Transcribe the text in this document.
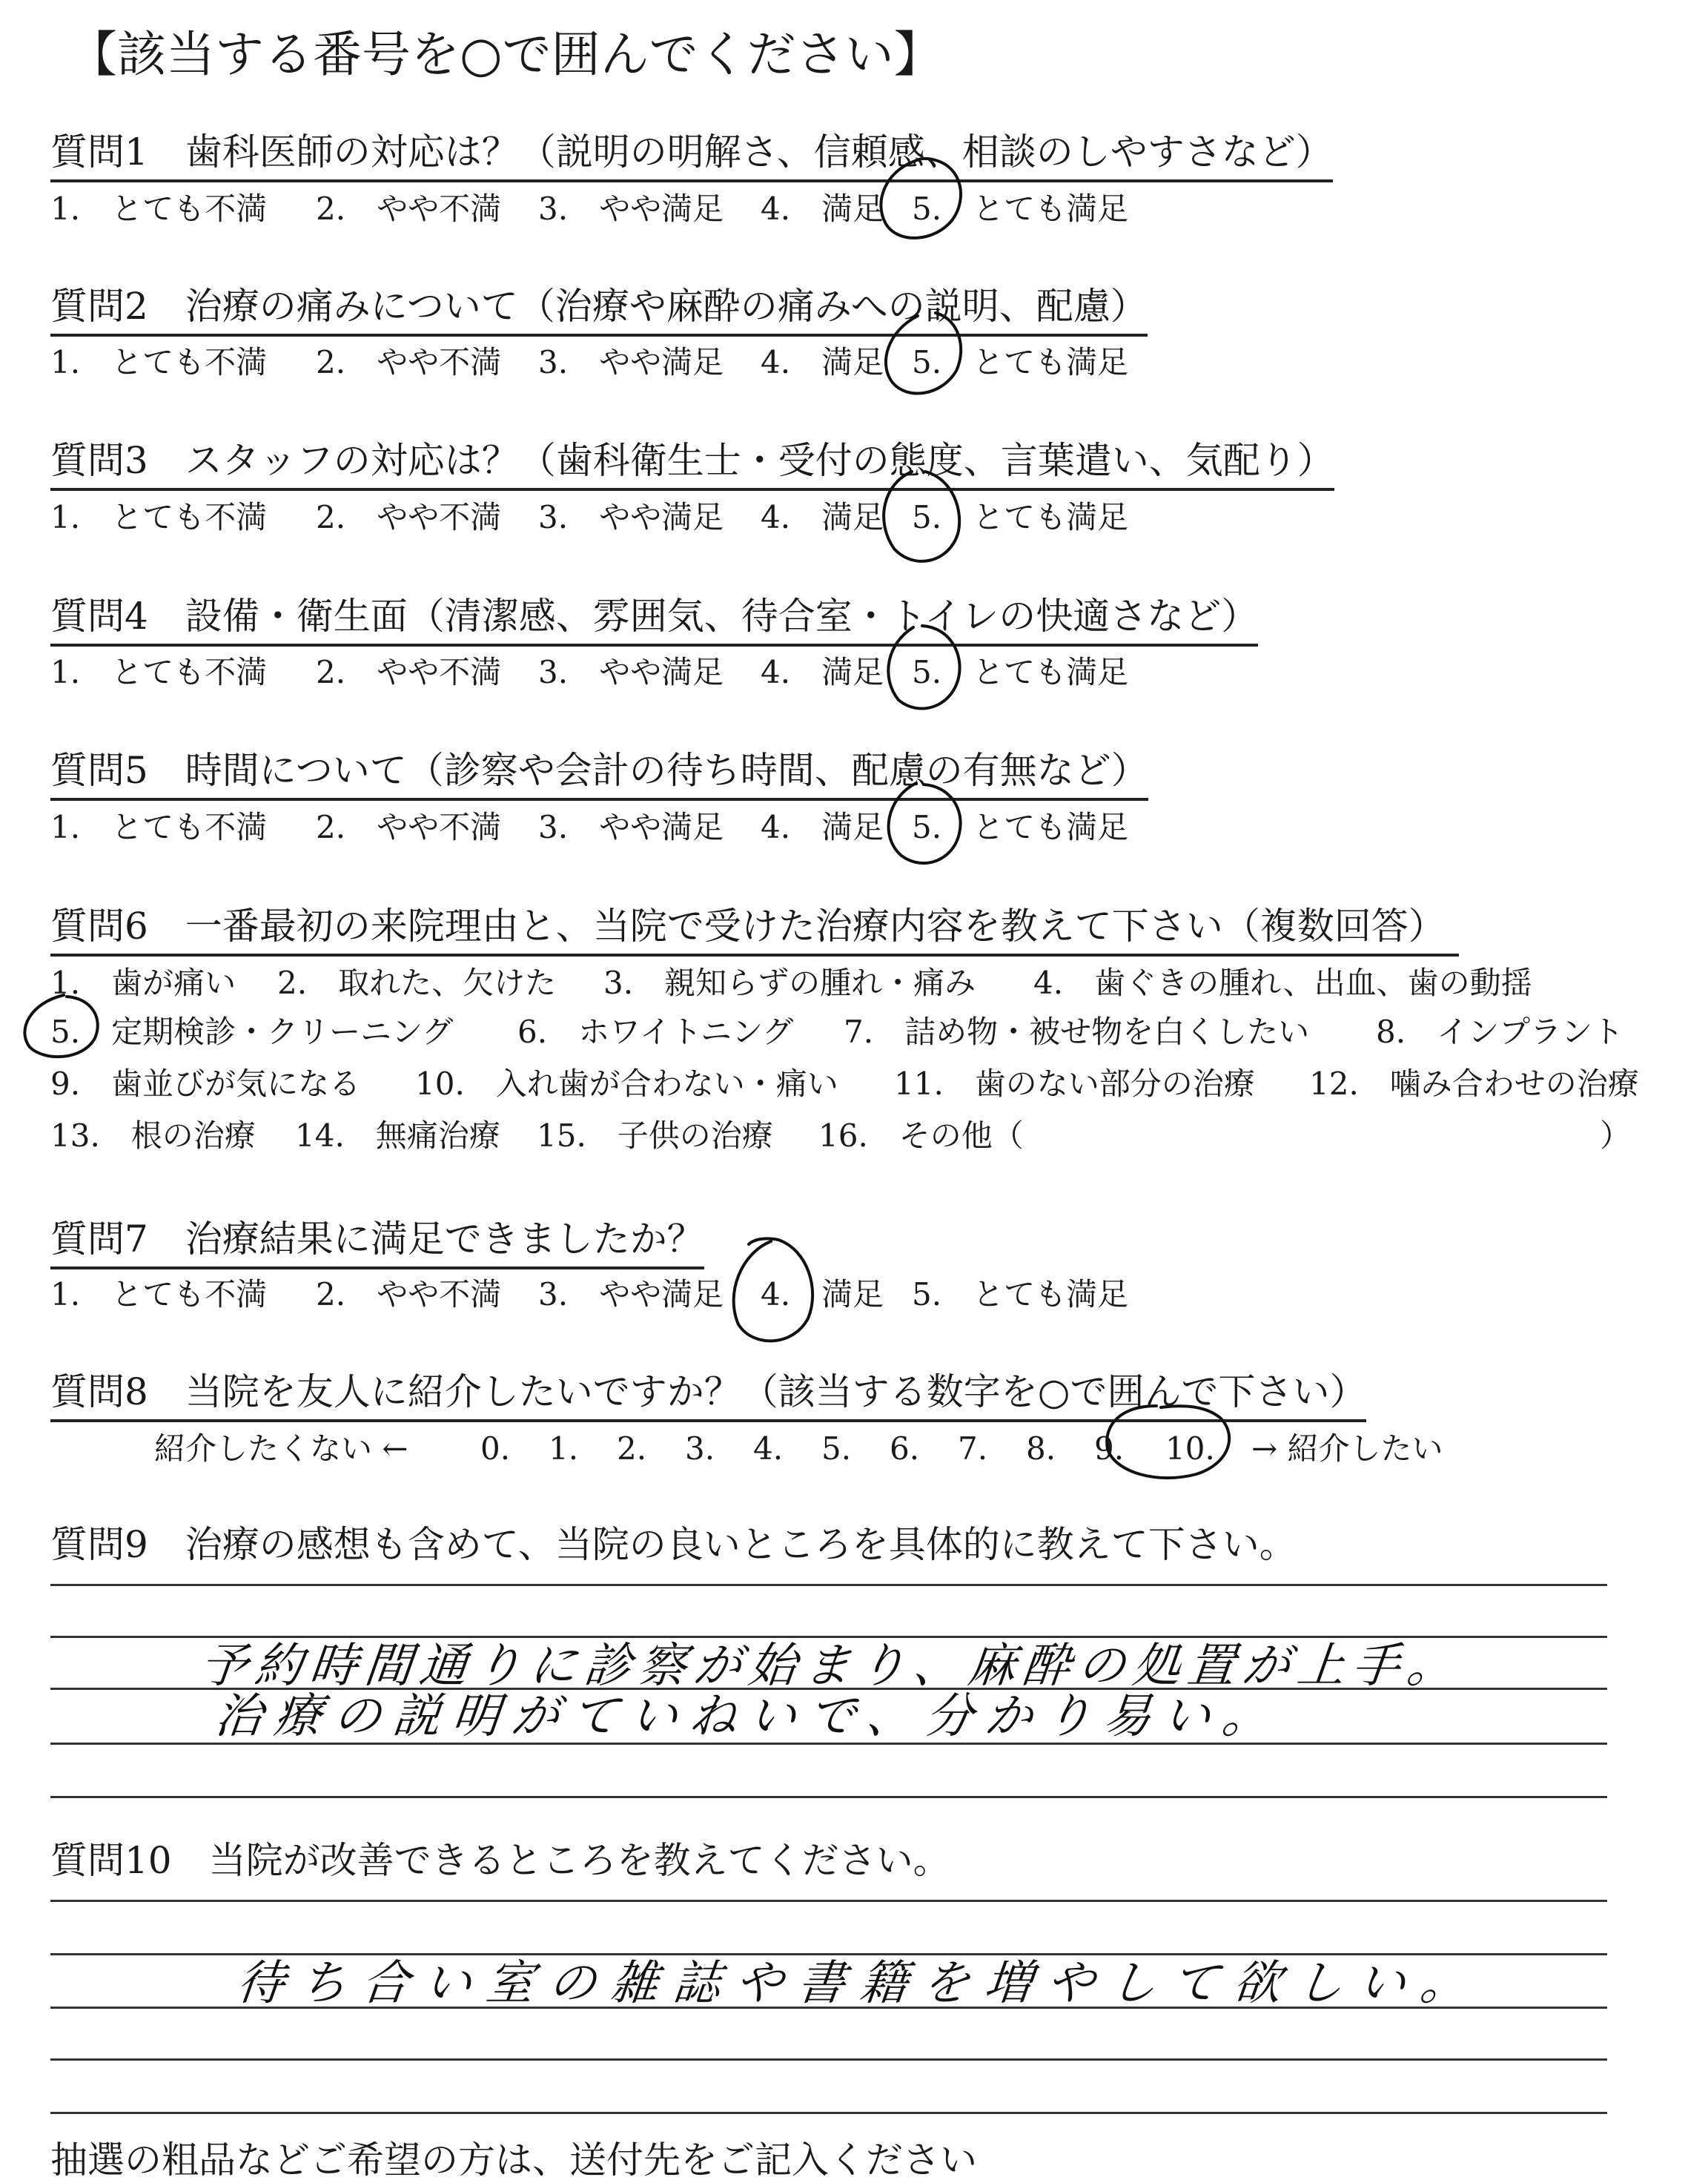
【該当する番号を○で囲んでください】
質問1　歯科医師の対応は？（説明の明解さ、信頼感、相談のしやすさなど）
1.　とても不満 2.　やや不満 3.　やや満足 4.　満足 5.　とても満足
質問2　治療の痛みについて（治療や麻酔の痛みへの説明、配慮）
1.　とても不満 2.　やや不満 3.　やや満足 4.　満足 5.　とても満足
質問3　スタッフの対応は？（歯科衛生士・受付の態度、言葉遣い、気配り）
1.　とても不満 2.　やや不満 3.　やや満足 4.　満足 5.　とても満足
質問4　設備・衛生面（清潔感、雰囲気、待合室・トイレの快適さなど）
1.　とても不満 2.　やや不満 3.　やや満足 4.　満足 5.　とても満足
質問5　時間について（診察や会計の待ち時間、配慮の有無など）
1.　とても不満 2.　やや不満 3.　やや満足 4.　満足 5.　とても満足
質問6　一番最初の来院理由と、当院で受けた治療内容を教えて下さい（複数回答）
1.　歯が痛い 2.　取れた、欠けた 3.　親知らずの腫れ・痛み 4.　歯ぐきの腫れ、出血、歯の動揺
5.　定期検診・クリーニング 6.　ホワイトニング 7.　詰め物・被せ物を白くしたい 8.　インプラント
9.　歯並びが気になる 10.　入れ歯が合わない・痛い 11.　歯のない部分の治療 12.　噛み合わせの治療
13.　根の治療 14.　無痛治療 15.　子供の治療 16.　その他（	）
質問7　治療結果に満足できましたか？
1.　とても不満 2.　やや不満 3.　やや満足 4.　満足 5.　とても満足
質問8　当院を友人に紹介したいですか？（該当する数字を○で囲んで下さい）
紹介したくない ← 0. 1. 2. 3. 4. 5. 6. 7. 8. 9. 10. → 紹介したい
質問9　治療の感想も含めて、当院の良いところを具体的に教えて下さい。
予約時間通りに診察が始まり、麻酔の処置が上手。
治療の説明がていねいで、分かり易い。
質問10　当院が改善できるところを教えてください。
待ち合い室の雑誌や書籍を増やして欲しい。
抽選の粗品などご希望の方は、送付先をご記入ください
